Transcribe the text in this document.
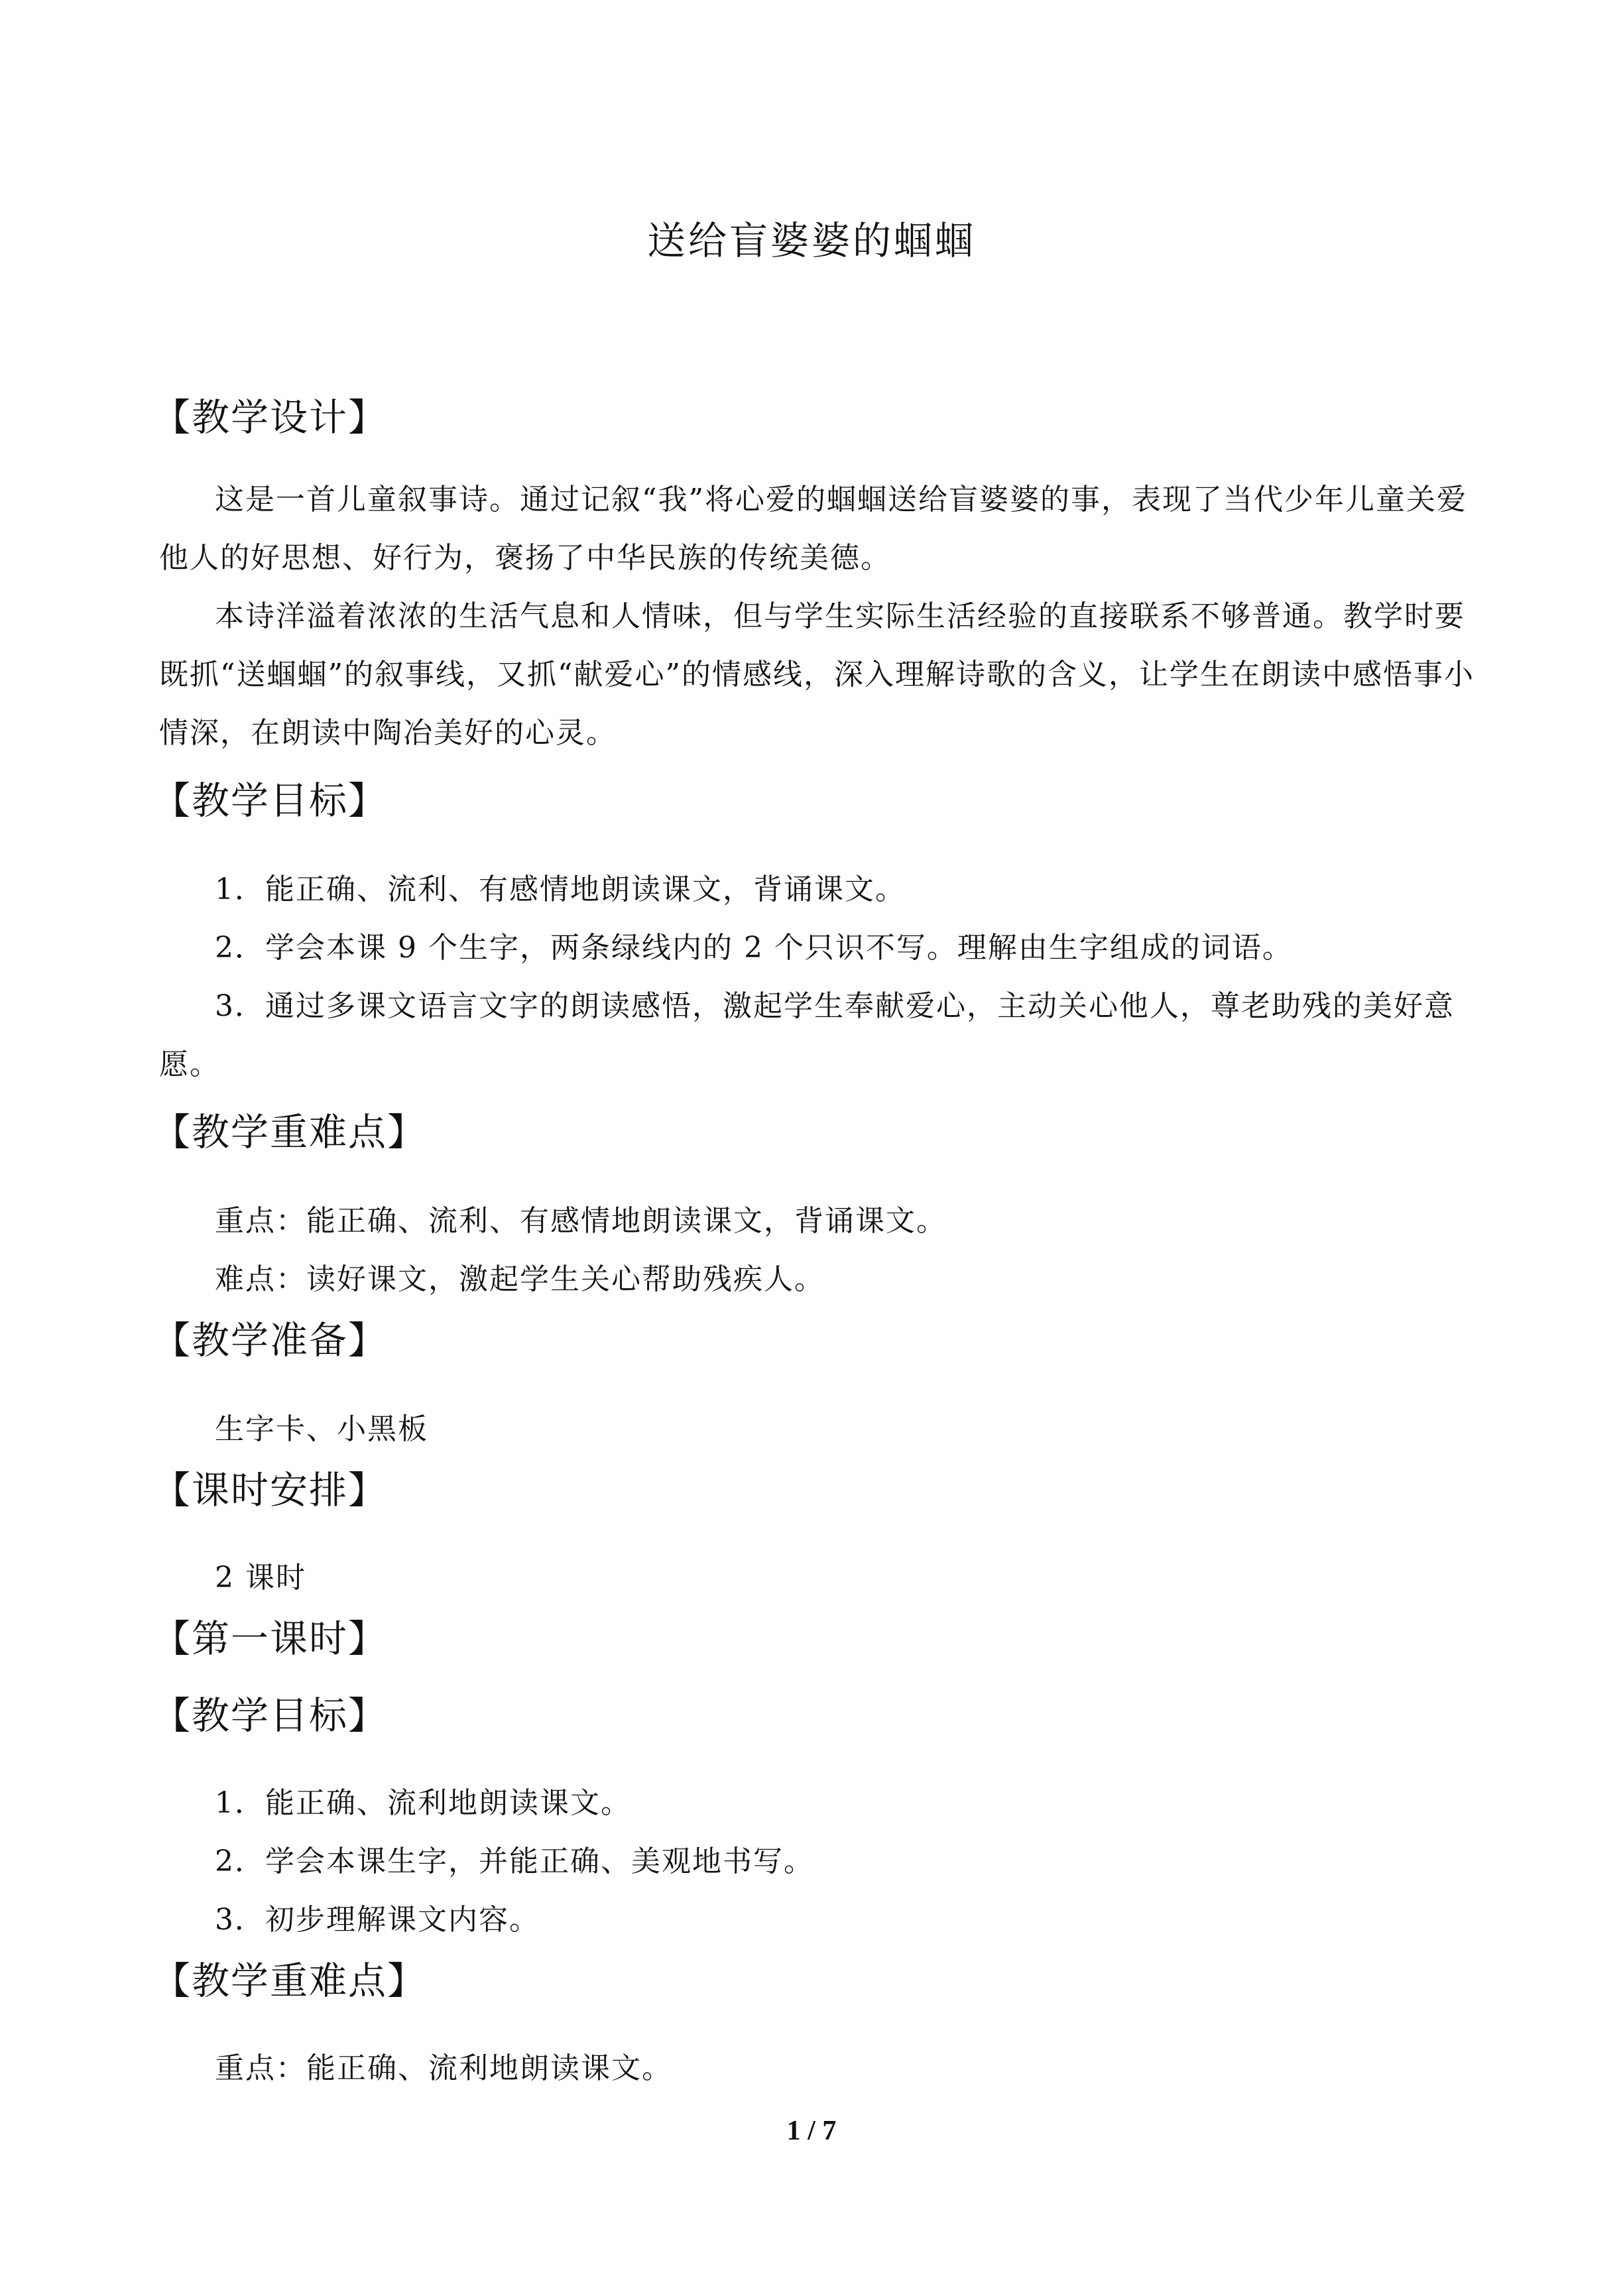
送给盲婆婆的蝈蝈
【教学设计】

这是一首儿童叙事诗。通过记叙“我”将心爱的蝈蝈送给盲婆婆的事，表现了当代少年儿童关爱他人的好思想、好行为，褒扬了中华民族的传统美德。

本诗洋溢着浓浓的生活气息和人情味，但与学生实际生活经验的直接联系不够普通。教学时要既抓“送蝈蝈”的叙事线，又抓“献爱心”的情感线，深入理解诗歌的含义，让学生在朗读中感悟事小情深，在朗读中陶冶美好的心灵。

【教学目标】
1．能正确、流利、有感情地朗读课文，背诵课文。
2．学会本课 9 个生字，两条绿线内的 2 个只识不写。理解由生字组成的词语。

3．通过多课文语言文字的朗读感悟，激起学生奉献爱心，主动关心他人，尊老助残的美好意愿。

【教学重难点】
重点：能正确、流利、有感情地朗读课文，背诵课文。
难点：读好课文，激起学生关心帮助残疾人。
【教学准备】
生字卡、小黑板
【课时安排】
2 课时
【第一课时】
【教学目标】
1．能正确、流利地朗读课文。
2．学会本课生字，并能正确、美观地书写。
3．初步理解课文内容。
【教学重难点】
重点：能正确、流利地朗读课文。
1 / 7
